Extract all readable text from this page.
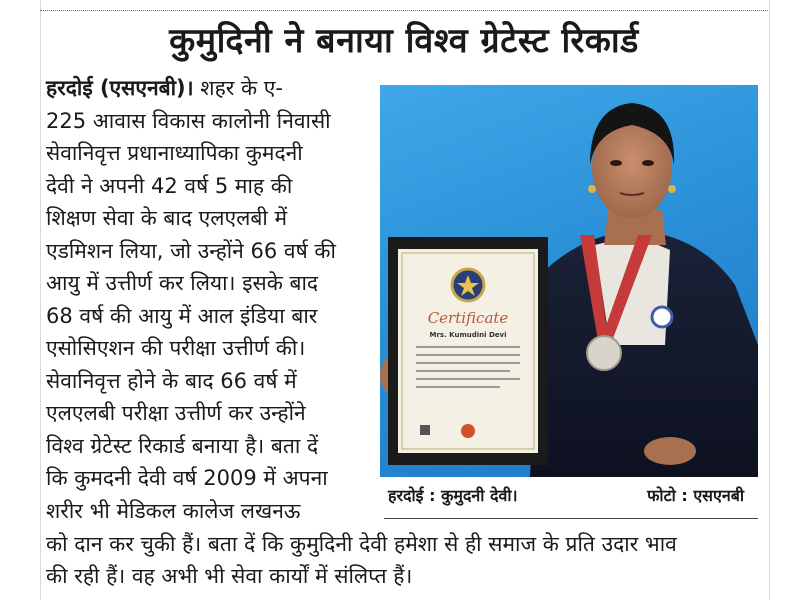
कुमुदिनी ने बनाया विश्व ग्रेटेस्ट रिकार्ड
हरदोई (एसएनबी)। शहर के ए-
225 आवास विकास कालोनी निवासी
सेवानिवृत्त प्रधानाध्यापिका कुमदनी
देवी ने अपनी 42 वर्ष 5 माह की
शिक्षण सेवा के बाद एलएलबी में
एडमिशन लिया, जो उन्होंने 66 वर्ष की
आयु में उत्तीर्ण कर लिया। इसके बाद
68 वर्ष की आयु में आल इंडिया बार
एसोसिएशन की परीक्षा उत्तीर्ण की।
सेवानिवृत्त होने के बाद 66 वर्ष में
एलएलबी परीक्षा उत्तीर्ण कर उन्होंने
विश्व ग्रेटेस्ट रिकार्ड बनाया है। बता दें
कि कुमदनी देवी वर्ष 2009 में अपना
शरीर भी मेडिकल कालेज लखनऊ
Certificate
Mrs. Kumudini Devi
हरदोई : कुमुदनी देवी।	फोटो : एसएनबी
को दान कर चुकी हैं। बता दें कि कुमुदिनी देवी हमेशा से ही समाज के प्रति उदार भाव
की रही हैं। वह अभी भी सेवा कार्यों में संलिप्त हैं।
